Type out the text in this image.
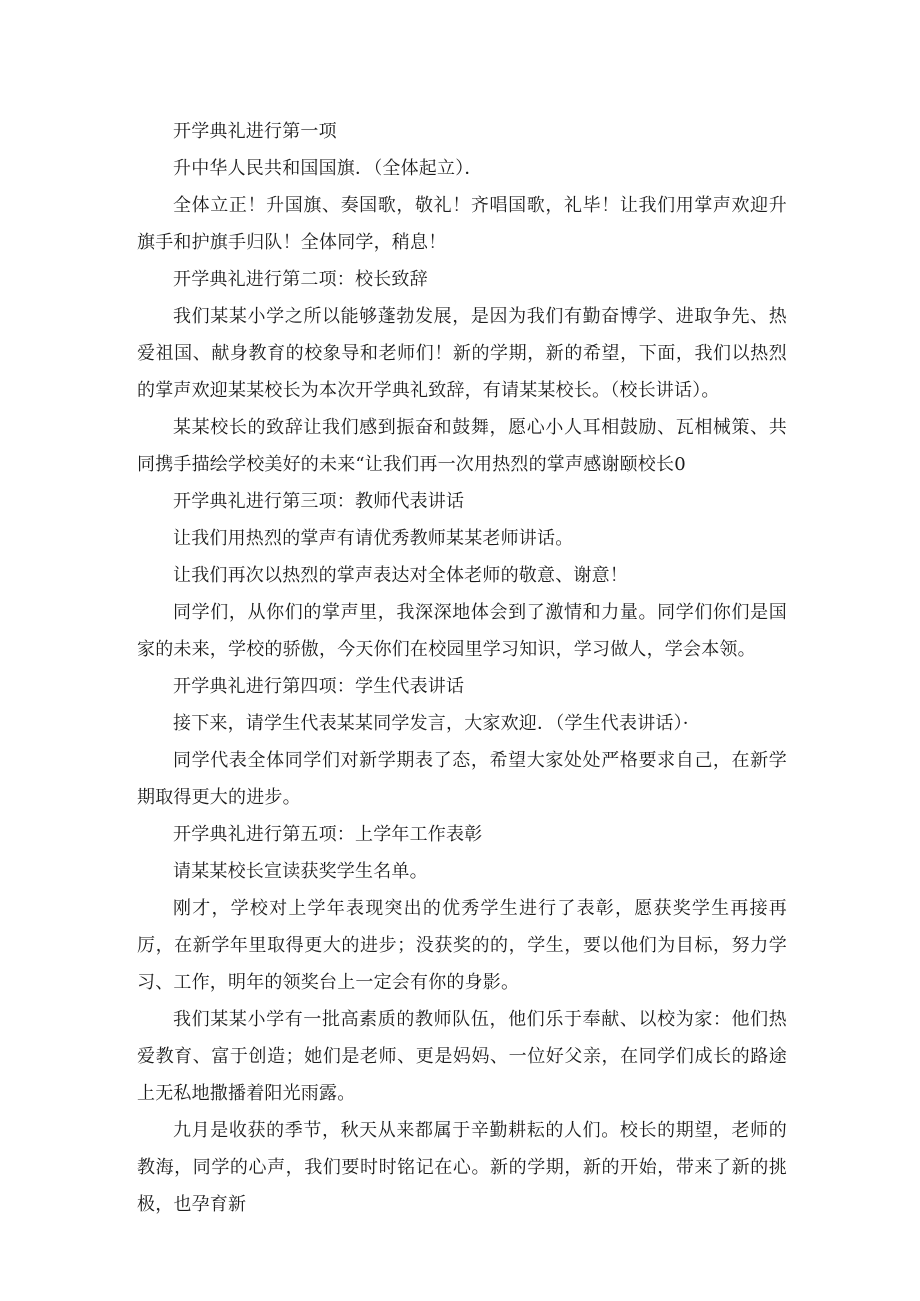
开学典礼进行第一项

升中华人民共和国国旗．（全体起立）．

全体立正！升国旗、奏国歌，敬礼！齐唱国歌，礼毕！让我们用掌声欢迎升旗手和护旗手归队！全体同学，稍息！

开学典礼进行第二项：校长致辞

我们某某小学之所以能够蓬勃发展，是因为我们有勤奋博学、进取争先、热爱祖国、献身教育的校象导和老师们！新的学期，新的希望，下面，我们以热烈的掌声欢迎某某校长为本次开学典礼致辞，有请某某校长。（校长讲话）。

某某校长的致辞让我们感到振奋和鼓舞，愿心小人耳相鼓励、瓦相械策、共同携手描绘学校美好的未来“让我们再一次用热烈的掌声感谢颐校长0

开学典礼进行第三项：教师代表讲话

让我们用热烈的掌声有请优秀教师某某老师讲话。

让我们再次以热烈的掌声表达对全体老师的敬意、谢意！

同学们，从你们的掌声里，我深深地体会到了激情和力量。同学们你们是国家的未来，学校的骄傲，今天你们在校园里学习知识，学习做人，学会本领。

开学典礼进行第四项：学生代表讲话

接下来，请学生代表某某同学发言，大家欢迎．（学生代表讲话）·

同学代表全体同学们对新学期表了态，希望大家处处严格要求自己，在新学期取得更大的进步。

开学典礼进行第五项：上学年工作表彰

请某某校长宣读获奖学生名单。

刚才，学校对上学年表现突出的优秀学生进行了表彰，愿获奖学生再接再厉，在新学年里取得更大的进步；没获奖的的，学生，要以他们为目标，努力学习、工作，明年的领奖台上一定会有你的身影。

我们某某小学有一批高素质的教师队伍，他们乐于奉献、以校为家：他们热爱教育、富于创造；她们是老师、更是妈妈、一位好父亲，在同学们成长的路途上无私地撒播着阳光雨露。

九月是收获的季节，秋天从来都属于辛勤耕耘的人们。校长的期望，老师的教海，同学的心声，我们要时时铭记在心。新的学期，新的开始，带来了新的挑极，也孕育新
